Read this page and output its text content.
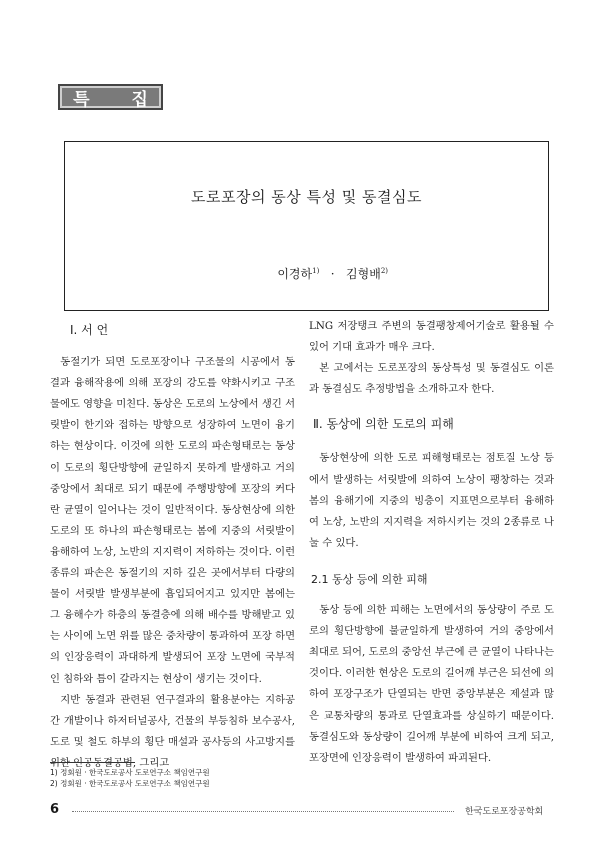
특 집
도로포장의 동상 특성 및 동결심도
이경하$^{1)}$ · 김형배$^{2)}$
Ⅰ. 서 언

동절기가 되면 도로포장이나 구조물의 시공에서 동결과 융해작용에 의해 포장의 강도를 약화시키고 구조물에도 영향을 미친다. 동상은 도로의 노상에서 생긴 서릿발이 한기와 접하는 방향으로 성장하여 노면이 융기하는 현상이다. 이것에 의한 도로의 파손형태로는 동상이 도로의 횡단방향에 균일하지 못하게 발생하고 거의 중앙에서 최대로 되기 때문에 주행방향에 포장의 커다란 균열이 일어나는 것이 일반적이다. 동상현상에 의한 도로의 또 하나의 파손형태로는 봄에 지중의 서릿발이 융해하여 노상, 노반의 지지력이 저하하는 것이다. 이런 종류의 파손은 동절기의 지하 깊은 곳에서부터 다량의 물이 서릿발 발생부분에 흡입되어지고 있지만 봄에는 그 융해수가 하층의 동결층에 의해 배수를 방해받고 있는 사이에 노면 위를 많은 중차량이 통과하여 포장 하면의 인장응력이 과대하게 발생되어 포장 노면에 국부적인 침하와 틈이 갈라지는 현상이 생기는 것이다.

지반 동결과 관련된 연구결과의 활용분야는 지하공간 개발이나 하저터널공사, 건물의 부등침하 보수공사, 도로 및 철도 하부의 횡단 매설과 공사등의 사고방지를 위한 인공동결공법, 그리고

LNG 저장탱크 주변의 동결팽창제어기술로 활용될 수 있어 기대 효과가 매우 크다.

본 고에서는 도로포장의 동상특성 및 동결심도 이론과 동결심도 추정방법을 소개하고자 한다.

Ⅱ. 동상에 의한 도로의 피해

동상현상에 의한 도로 피해형태로는 점토질 노상 등에서 발생하는 서릿발에 의하여 노상이 팽창하는 것과 봄의 융해기에 지중의 빙층이 지표면으로부터 융해하여 노상, 노반의 지지력을 저하시키는 것의 2종류로 나눌 수 있다.

2.1 동상 등에 의한 피해

동상 등에 의한 피해는 노면에서의 동상량이 주로 도로의 횡단방향에 불균일하게 발생하여 거의 중앙에서 최대로 되어, 도로의 중앙선 부근에 큰 균열이 나타나는 것이다. 이러한 현상은 도로의 길어깨 부근은 되선에 의하여 포장구조가 단열되는 반면 중앙부분은 제설과 많은 교통차량의 통과로 단열효과를 상실하기 때문이다. 동결심도와 동상량이 길어깨 부분에 비하여 크게 되고, 포장면에 인장응력이 발생하여 파괴된다.

1) 정회원 · 한국도로공사 도로연구소 책임연구원
2) 정회원 · 한국도로공사 도로연구소 책임연구원
6	한국도로포장공학회
